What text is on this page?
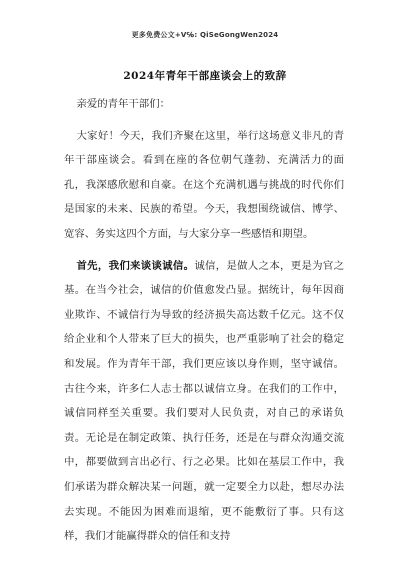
更多免费公文+V℅: QiSeGongWen2024
2024年青年干部座谈会上的致辞

亲爱的青年干部们：

大家好！今天，我们齐聚在这里，举行这场意义非凡的青年干部座谈会。看到在座的各位朝气蓬勃、充满活力的面孔，我深感欣慰和自豪。在这个充满机遇与挑战的时代你们是国家的未来、民族的希望。今天，我想围绕诚信、博学、宽容、务实这四个方面，与大家分享一些感悟和期望。

首先，我们来谈谈诚信。诚信，是做人之本，更是为官之基。在当今社会，诚信的价值愈发凸显。据统计，每年因商业欺诈、不诚信行为导致的经济损失高达数千亿元。这不仅给企业和个人带来了巨大的损失，也严重影响了社会的稳定和发展。作为青年干部，我们更应该以身作则，坚守诚信。古往今来，许多仁人志士都以诚信立身。在我们的工作中，诚信同样至关重要。我们要对人民负责，对自己的承诺负责。无论是在制定政策、执行任务，还是在与群众沟通交流中，都要做到言出必行、行之必果。比如在基层工作中，我们承诺为群众解决某一问题，就一定要全力以赴，想尽办法去实现。不能因为困难而退缩，更不能敷衍了事。只有这样，我们才能赢得群众的信任和支持
